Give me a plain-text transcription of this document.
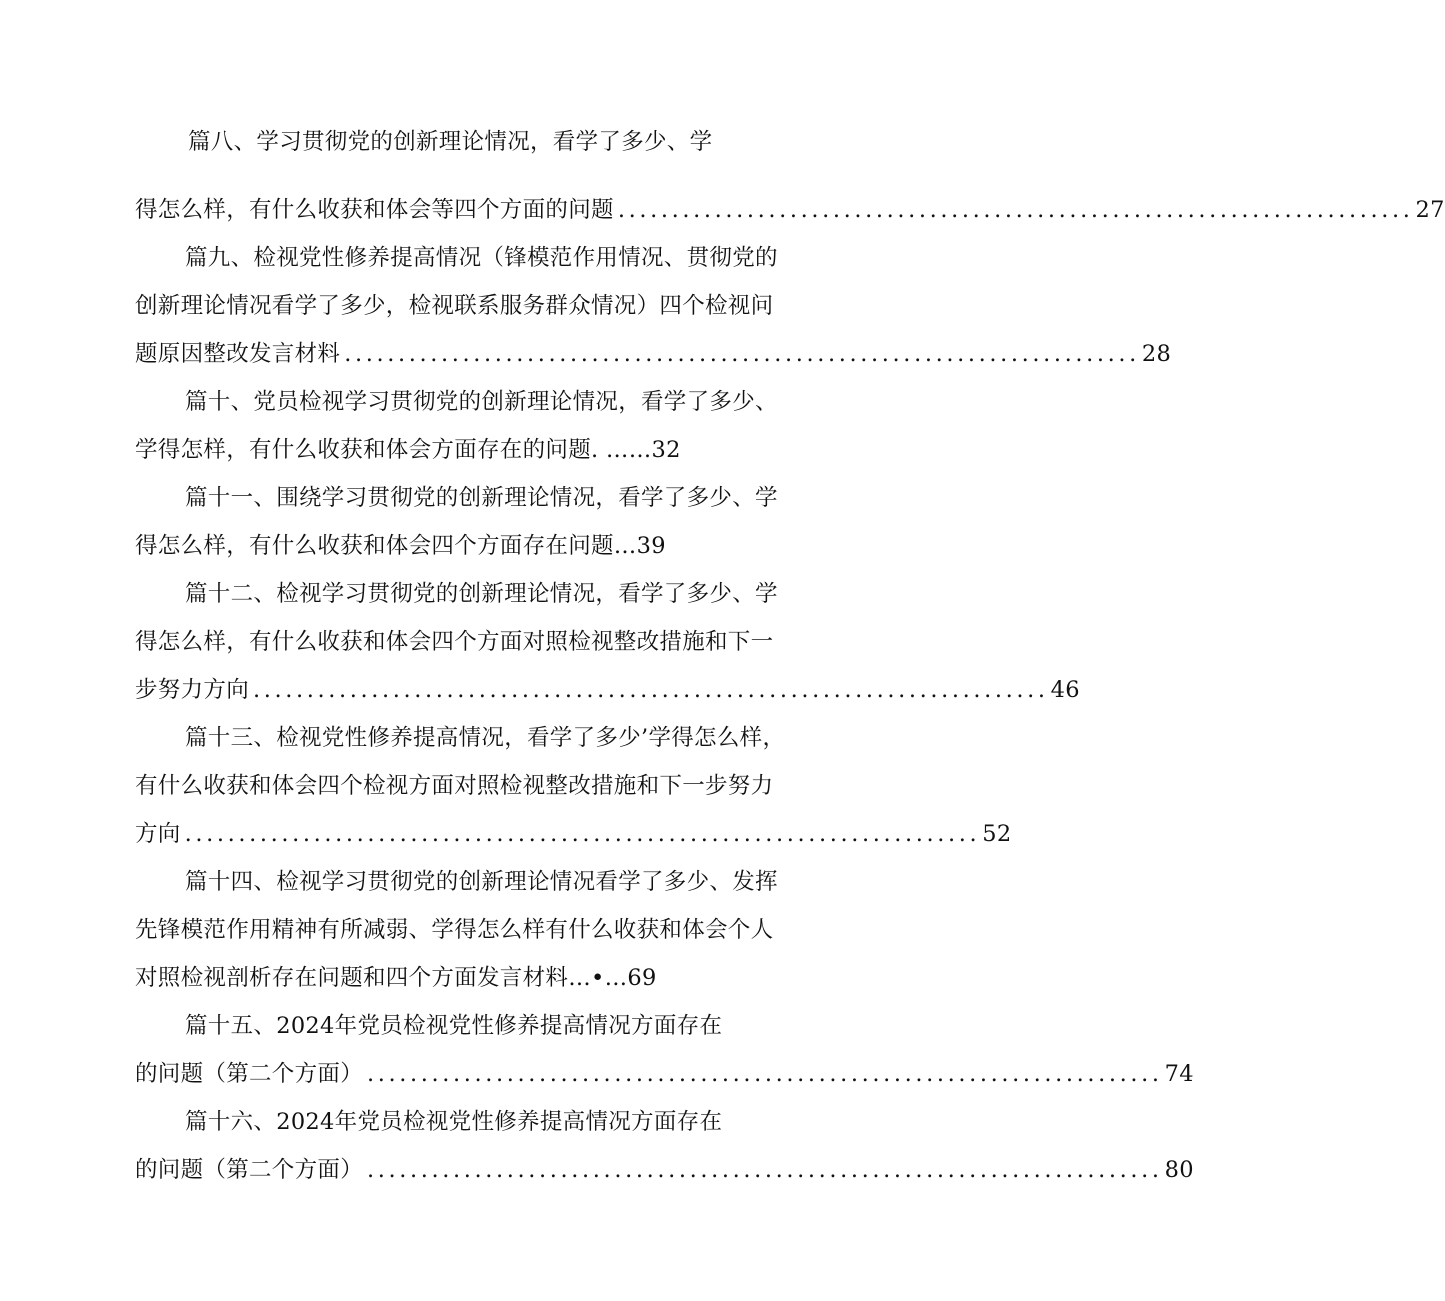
篇八、学习贯彻党的创新理论情况，看学了多少、学
得怎么样，有什么收获和体会等四个方面的问题 .......................................................................... 27
篇九、检视党性修养提高情况（锋模范作用情况、贯彻党的
创新理论情况看学了多少，检视联系服务群众情况）四个检视问
题原因整改发言材料 .......................................................................... 28
篇十、党员检视学习贯彻党的创新理论情况，看学了多少、
学得怎样，有什么收获和体会方面存在的问题. ……32
篇十一、围绕学习贯彻党的创新理论情况，看学了多少、学
得怎么样，有什么收获和体会四个方面存在问题…39
篇十二、检视学习贯彻党的创新理论情况，看学了多少、学
得怎么样，有什么收获和体会四个方面对照检视整改措施和下一
步努力方向 .......................................................................... 46
篇十三、检视党性修养提高情况，看学了多少’学得怎么样，
有什么收获和体会四个检视方面对照检视整改措施和下一步努力
方向 .......................................................................... 52
篇十四、检视学习贯彻党的创新理论情况看学了多少、发挥
先锋模范作用精神有所减弱、学得怎么样有什么收获和体会个人
对照检视剖析存在问题和四个方面发言材料…•…69
篇十五、2024年党员检视党性修养提高情况方面存在
的问题（第二个方面） .......................................................................... 74
篇十六、2024年党员检视党性修养提高情况方面存在
的问题（第二个方面） .......................................................................... 80
